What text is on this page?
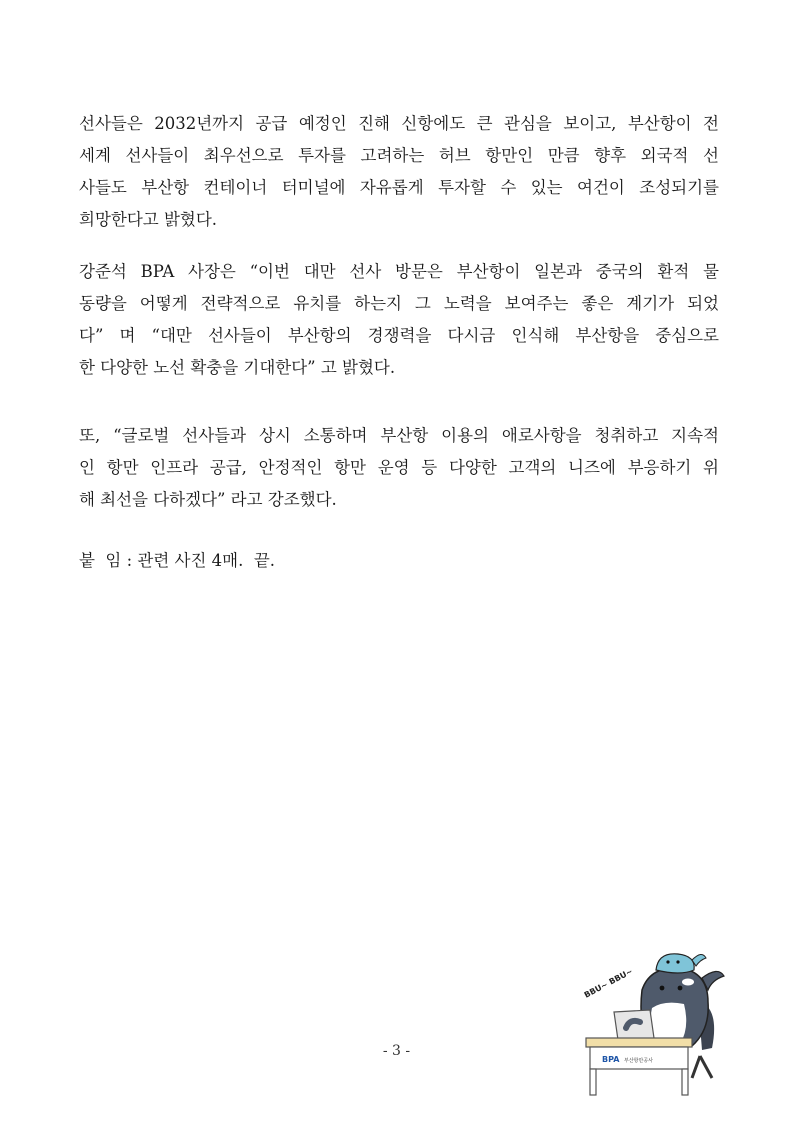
선사들은 2032년까지 공급 예정인 진해 신항에도 큰 관심을 보이고, 부산항이 전
세계 선사들이 최우선으로 투자를 고려하는 허브 항만인 만큼 향후 외국적 선
사들도 부산항 컨테이너 터미널에 자유롭게 투자할 수 있는 여건이 조성되기를
희망한다고 밝혔다.
강준석 BPA 사장은 “이번 대만 선사 방문은 부산항이 일본과 중국의 환적 물
동량을 어떻게 전략적으로 유치를 하는지 그 노력을 보여주는 좋은 계기가 되었
다” 며 “대만 선사들이 부산항의 경쟁력을 다시금 인식해 부산항을 중심으로
한 다양한 노선 확충을 기대한다” 고 밝혔다.
또, “글로벌 선사들과 상시 소통하며 부산항 이용의 애로사항을 청취하고 지속적
인 항만 인프라 공급, 안정적인 항만 운영 등 다양한 고객의 니즈에 부응하기 위
해 최선을 다하겠다” 라고 강조했다.

붙  임 : 관련 사진 4매.  끝.

BBU~ BBU~
BPA 부산항만공사
- 3 -
